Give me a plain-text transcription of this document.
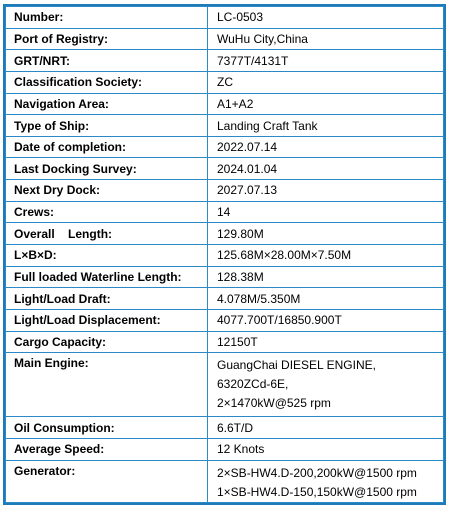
Number:	LC-0503
Port of Registry:	WuHu City,China
GRT/NRT:	7377T/4131T
Classification Society:	ZC
Navigation Area:	A1+A2
Type of Ship:	Landing Craft Tank
Date of completion:	2022.07.14
Last Docking Survey:	2024.01.04
Next Dry Dock:	2027.07.13
Crews:	14
Overall    Length:	129.80M
L×B×D:	125.68M×28.00M×7.50M
Full loaded Waterline Length:	128.38M
Light/Load Draft:	4.078M/5.350M
Light/Load Displacement:	4077.700T/16850.900T
Cargo Capacity:	12150T
Main Engine:	GuangChai DIESEL ENGINE,
6320ZCd-6E,
2×1470kW@525 rpm

Oil Consumption:	6.6T/D
Average Speed:	12 Knots
Generator:	2×SB-HW4.D-200,200kW@1500 rpm
1×SB-HW4.D-150,150kW@1500 rpm
